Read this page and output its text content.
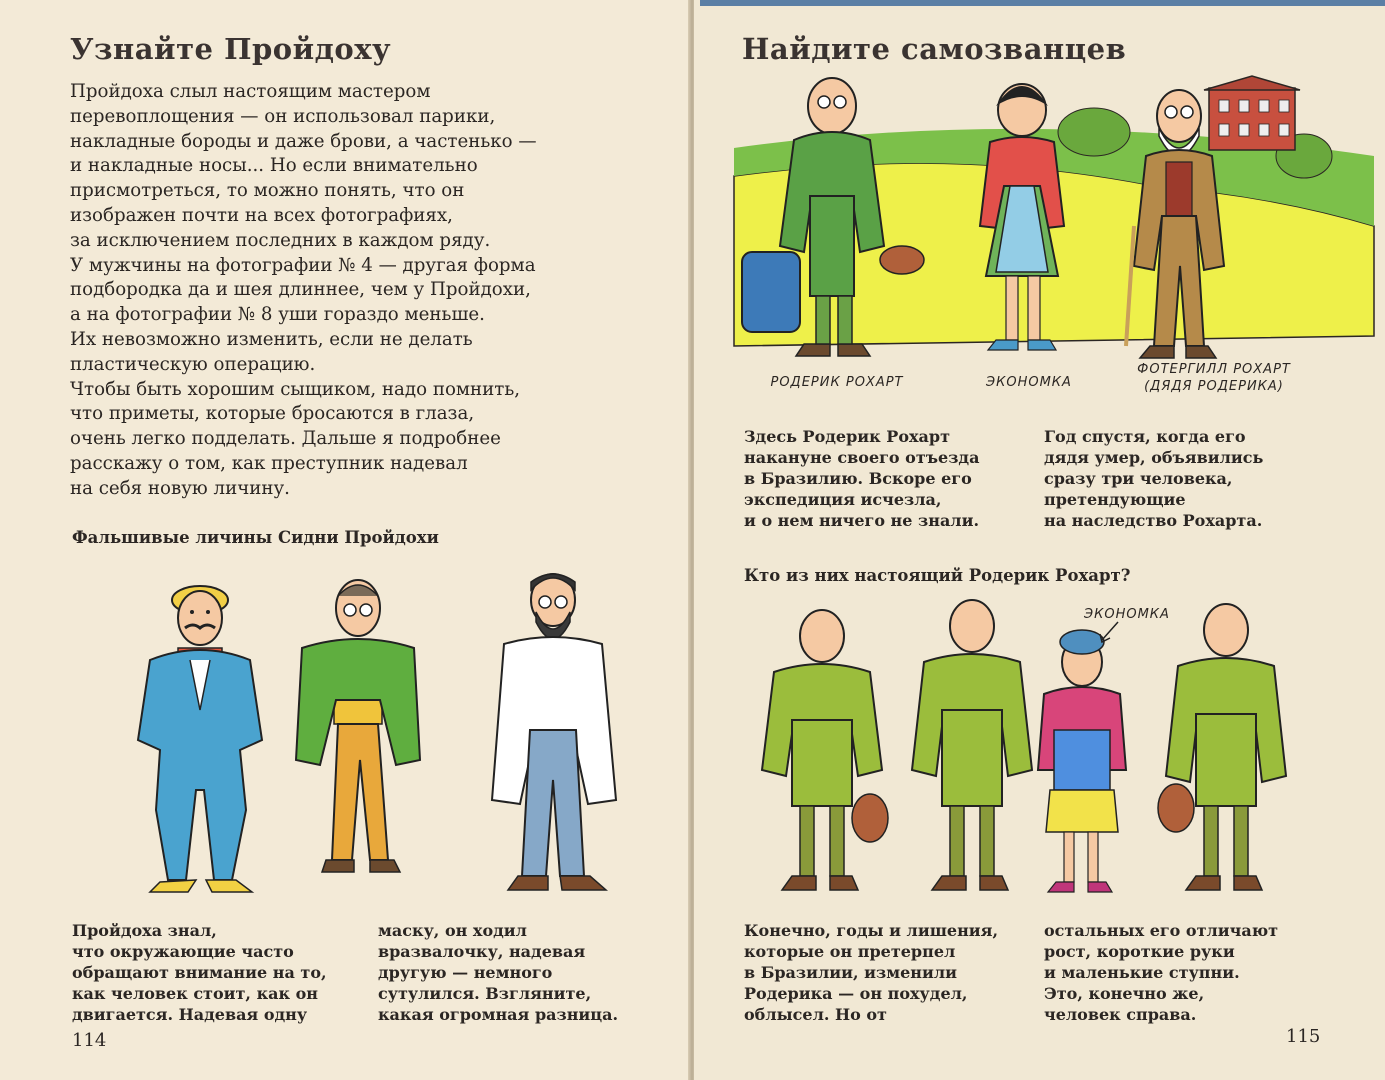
Узнайте Пройдоху
Пройдоха слыл настоящим мастером
перевоплощения — он использовал парики,
накладные бороды и даже брови, а частенько —
и накладные носы... Но если внимательно
присмотреться, то можно понять, что он
изображен почти на всех фотографиях,
за исключением последних в каждом ряду.
У мужчины на фотографии № 4 — другая форма
подбородка да и шея длиннее, чем у Пройдохи,
а на фотографии № 8 уши гораздо меньше.
Их невозможно изменить, если не делать
пластическую операцию.
Чтобы быть хорошим сыщиком, надо помнить,
что приметы, которые бросаются в глаза,
очень легко подделать. Дальше я подробнее
расскажу о том, как преступник надевал
на себя новую личину.
Фальшивые личины Сидни Пройдохи
Пройдоха знал,
что окружающие часто
обращают внимание на то,
как человек стоит, как он
двигается. Надевая одну
маску, он ходил
вразвалочку, надевая
другую — немного
сутулился. Взгляните,
какая огромная разница.
114
Найдите самозванцев
РОДЕРИК РОХАРТ	ЭКОНОМКА
ФОТЕРГИЛЛ РОХАРТ
(ДЯДЯ РОДЕРИКА)
Здесь Родерик Рохарт
накануне своего отъезда
в Бразилию. Вскоре его
экспедиция исчезла,
и о нем ничего не знали.
Год спустя, когда его
дядя умер, объявились
сразу три человека,
претендующие
на наследство Рохарта.
Кто из них настоящий Родерик Рохарт?
ЭКОНОМКА
Конечно, годы и лишения,
которые он претерпел
в Бразилии, изменили
Родерика — он похудел,
облысел. Но от
остальных его отличают
рост, короткие руки
и маленькие ступни.
Это, конечно же,
человек справа.
115
